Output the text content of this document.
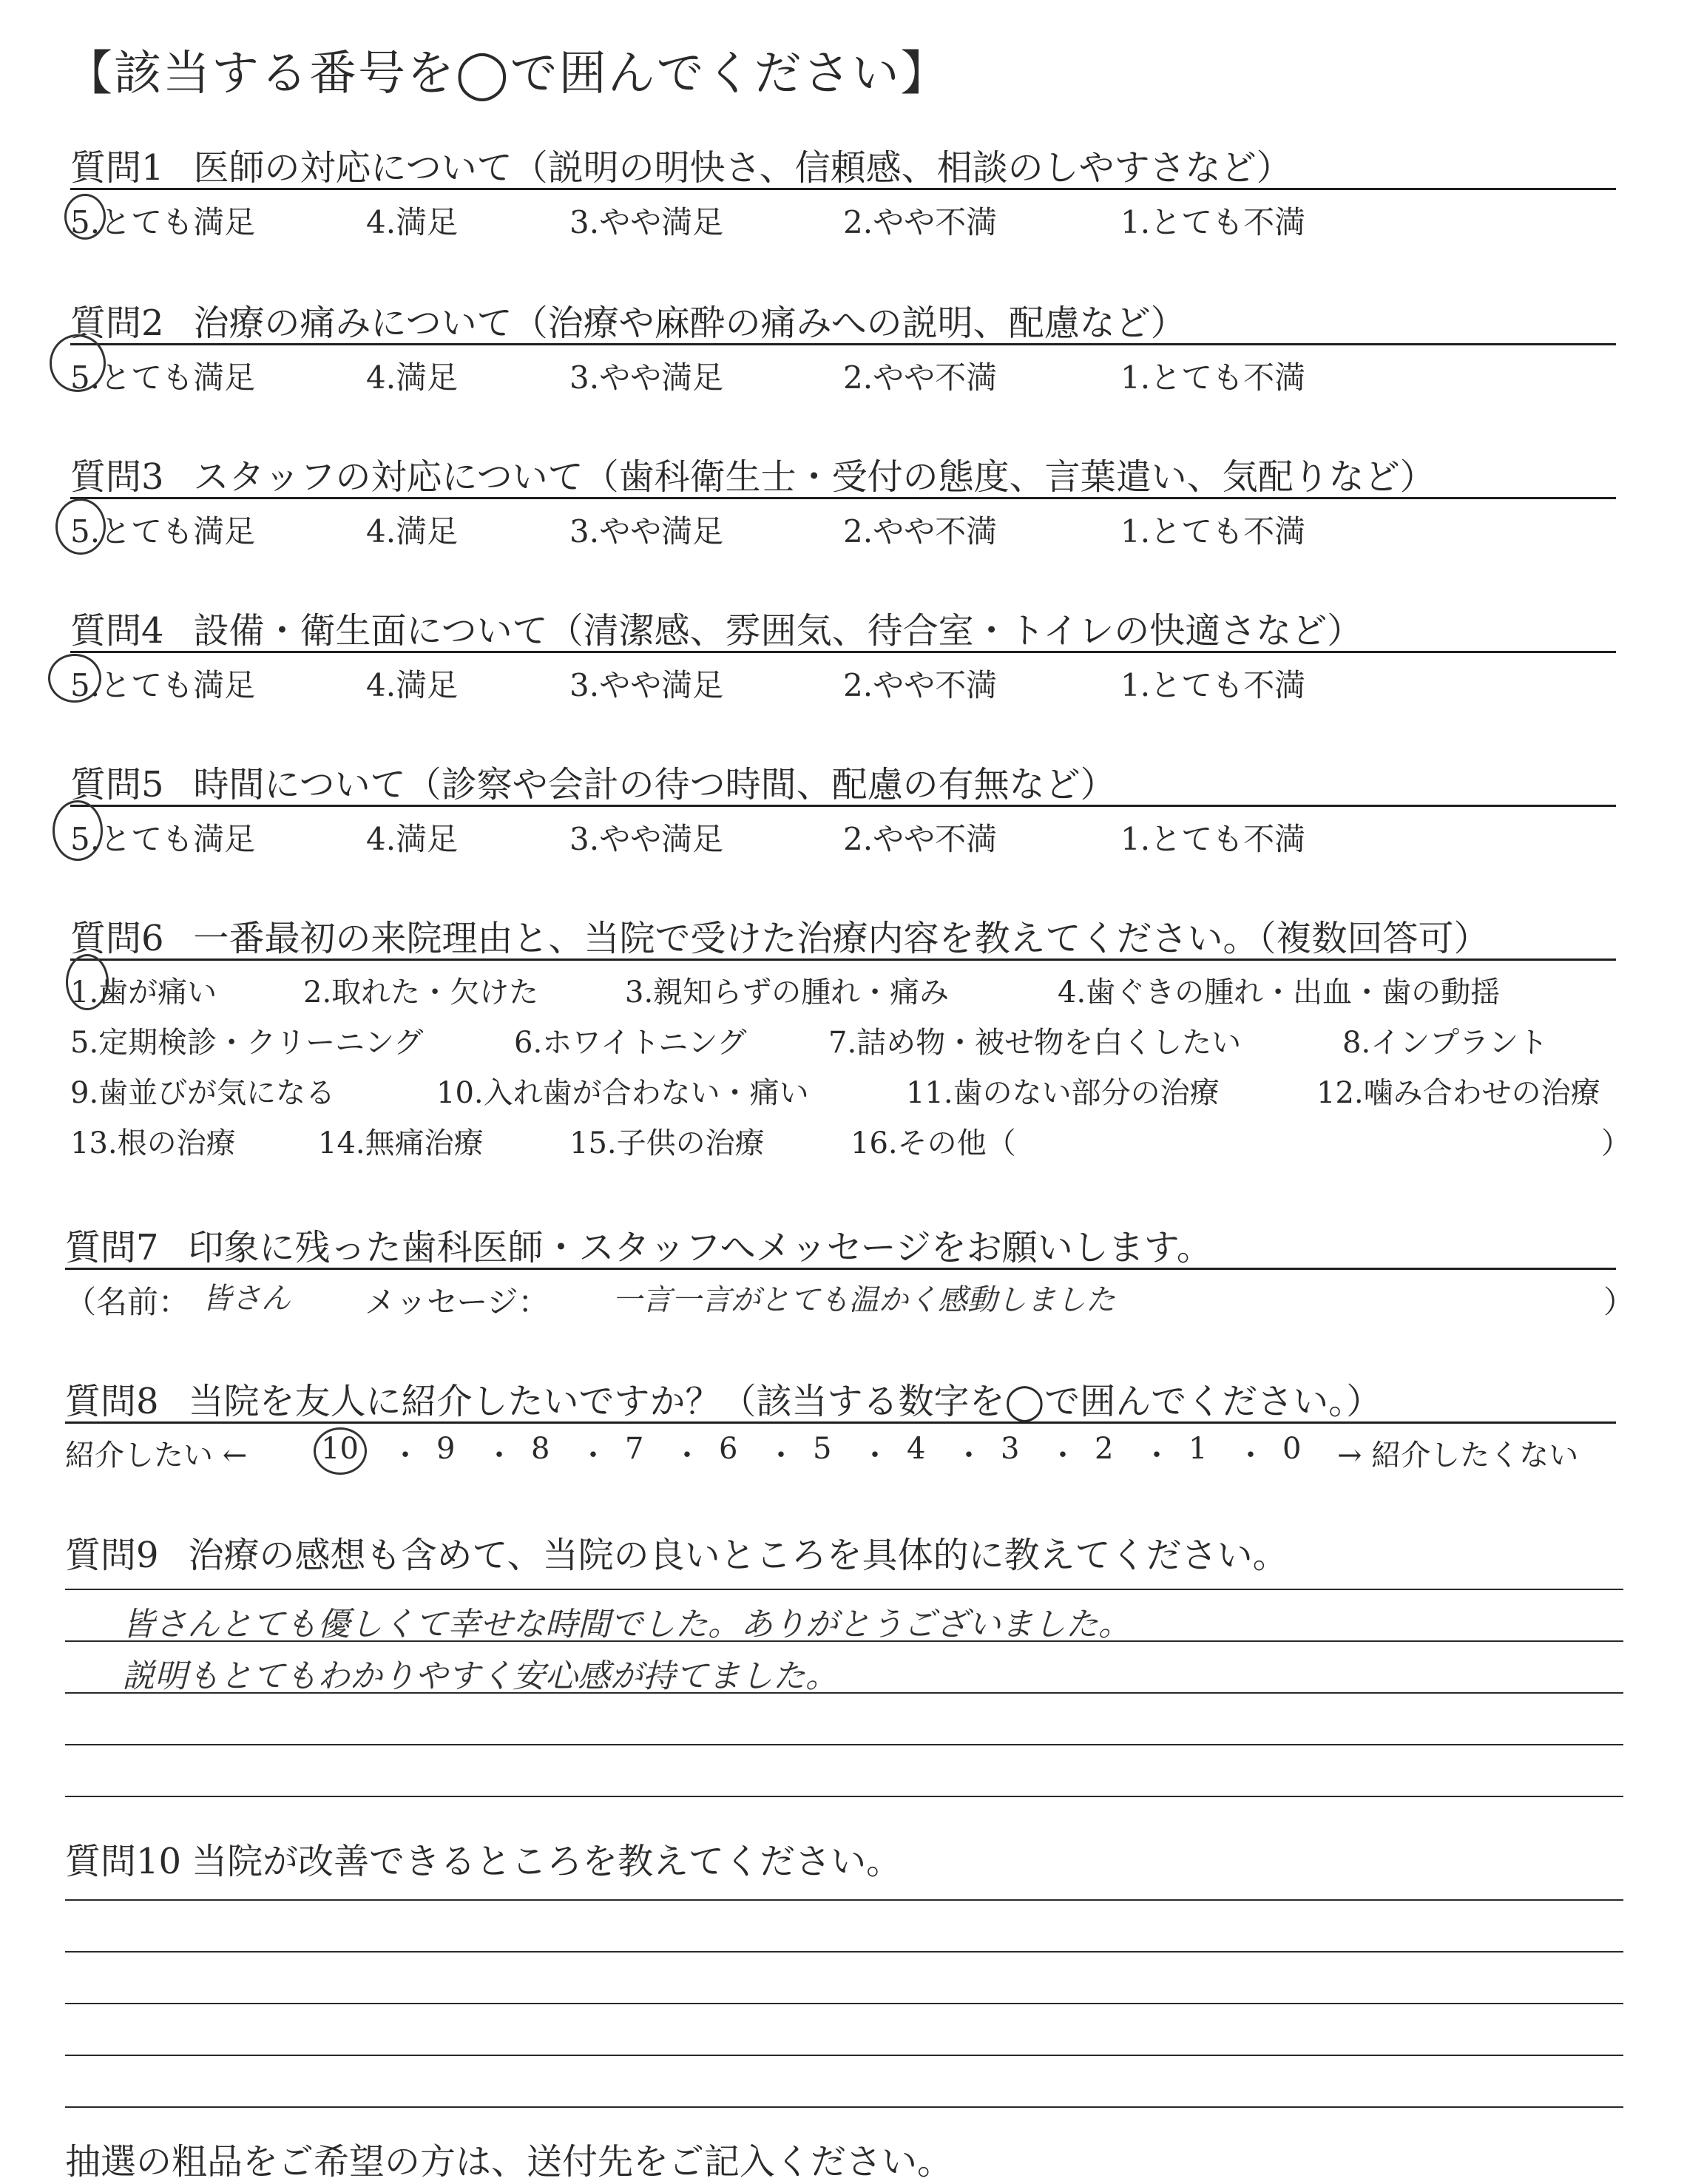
【該当する番号を◯で囲んでください】
質問1 医師の対応について（説明の明快さ、信頼感、相談のしやすさなど）
5.とても満足	4.満足	3.やや満足	2.やや不満	1.とても不満
質問2 治療の痛みについて（治療や麻酔の痛みへの説明、配慮など）
5.とても満足	4.満足	3.やや満足	2.やや不満	1.とても不満
質問3 スタッフの対応について（歯科衛生士・受付の態度、言葉遣い、気配りなど）
5.とても満足	4.満足	3.やや満足	2.やや不満	1.とても不満
質問4 設備・衛生面について（清潔感、雰囲気、待合室・トイレの快適さなど）
5.とても満足	4.満足	3.やや満足	2.やや不満	1.とても不満
質問5 時間について（診察や会計の待つ時間、配慮の有無など）
5.とても満足	4.満足	3.やや満足	2.やや不満	1.とても不満
質問6 一番最初の来院理由と、当院で受けた治療内容を教えてください。（複数回答可）
1.歯が痛い	2.取れた・欠けた	3.親知らずの腫れ・痛み	4.歯ぐきの腫れ・出血・歯の動揺
5.定期検診・クリーニング	6.ホワイトニング	7.詰め物・被せ物を白くしたい	8.インプラント
9.歯並びが気になる	10.入れ歯が合わない・痛い	11.歯のない部分の治療	12.噛み合わせの治療
13.根の治療	14.無痛治療	15.子供の治療	16.その他（	）
質問7 印象に残った歯科医師・スタッフへメッセージをお願いします。
（名前： 皆さん メッセージ： 一言一言がとても温かく感動しました	）
質問8 当院を友人に紹介したいですか？（該当する数字を◯で囲んでください。）
紹介したい ← 10 ・ 9 ・ 8 ・ 7 ・ 6 ・ 5 ・ 4 ・ 3 ・ 2 ・ 1 ・ 0 → 紹介したくない
質問9 治療の感想も含めて、当院の良いところを具体的に教えてください。
皆さんとても優しくて幸せな時間でした。ありがとうございました。
説明もとてもわかりやすく安心感が持てました。
質問10 当院が改善できるところを教えてください。
抽選の粗品をご希望の方は、送付先をご記入ください。
